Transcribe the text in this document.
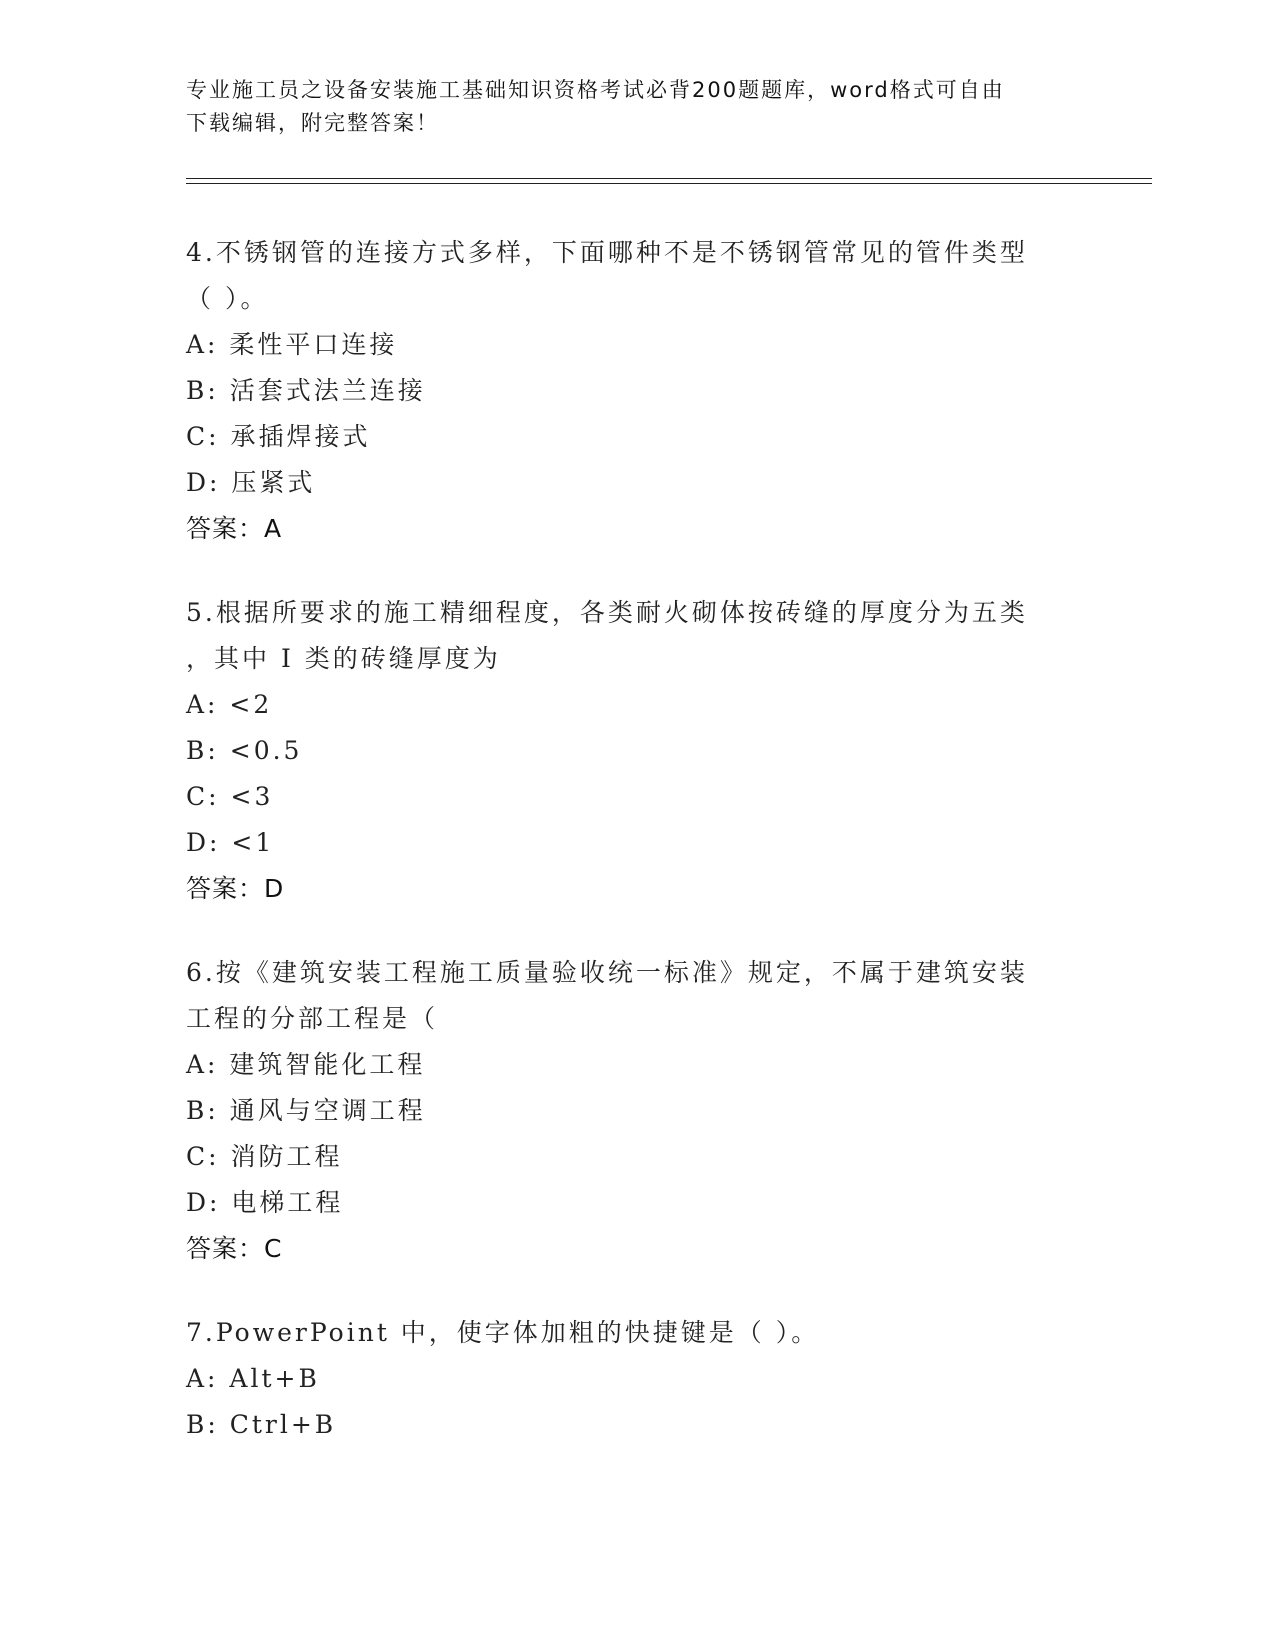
专业施工员之设备安装施工基础知识资格考试必背200题题库，word格式可自由
下载编辑，附完整答案！
4.不锈钢管的连接方式多样，下面哪种不是不锈钢管常见的管件类型
（ ）。
A: 柔性平口连接
B: 活套式法兰连接
C: 承插焊接式
D: 压紧式
答案：A
5.根据所要求的施工精细程度，各类耐火砌体按砖缝的厚度分为五类
，其中 I 类的砖缝厚度为
A: <2
B: <0.5
C: <3
D: <1
答案：D
6.按《建筑安装工程施工质量验收统一标准》规定，不属于建筑安装
工程的分部工程是（
A: 建筑智能化工程
B: 通风与空调工程
C: 消防工程
D: 电梯工程
答案：C
7.PowerPoint 中，使字体加粗的快捷键是（ ）。
A: Alt+B
B: Ctrl+B
